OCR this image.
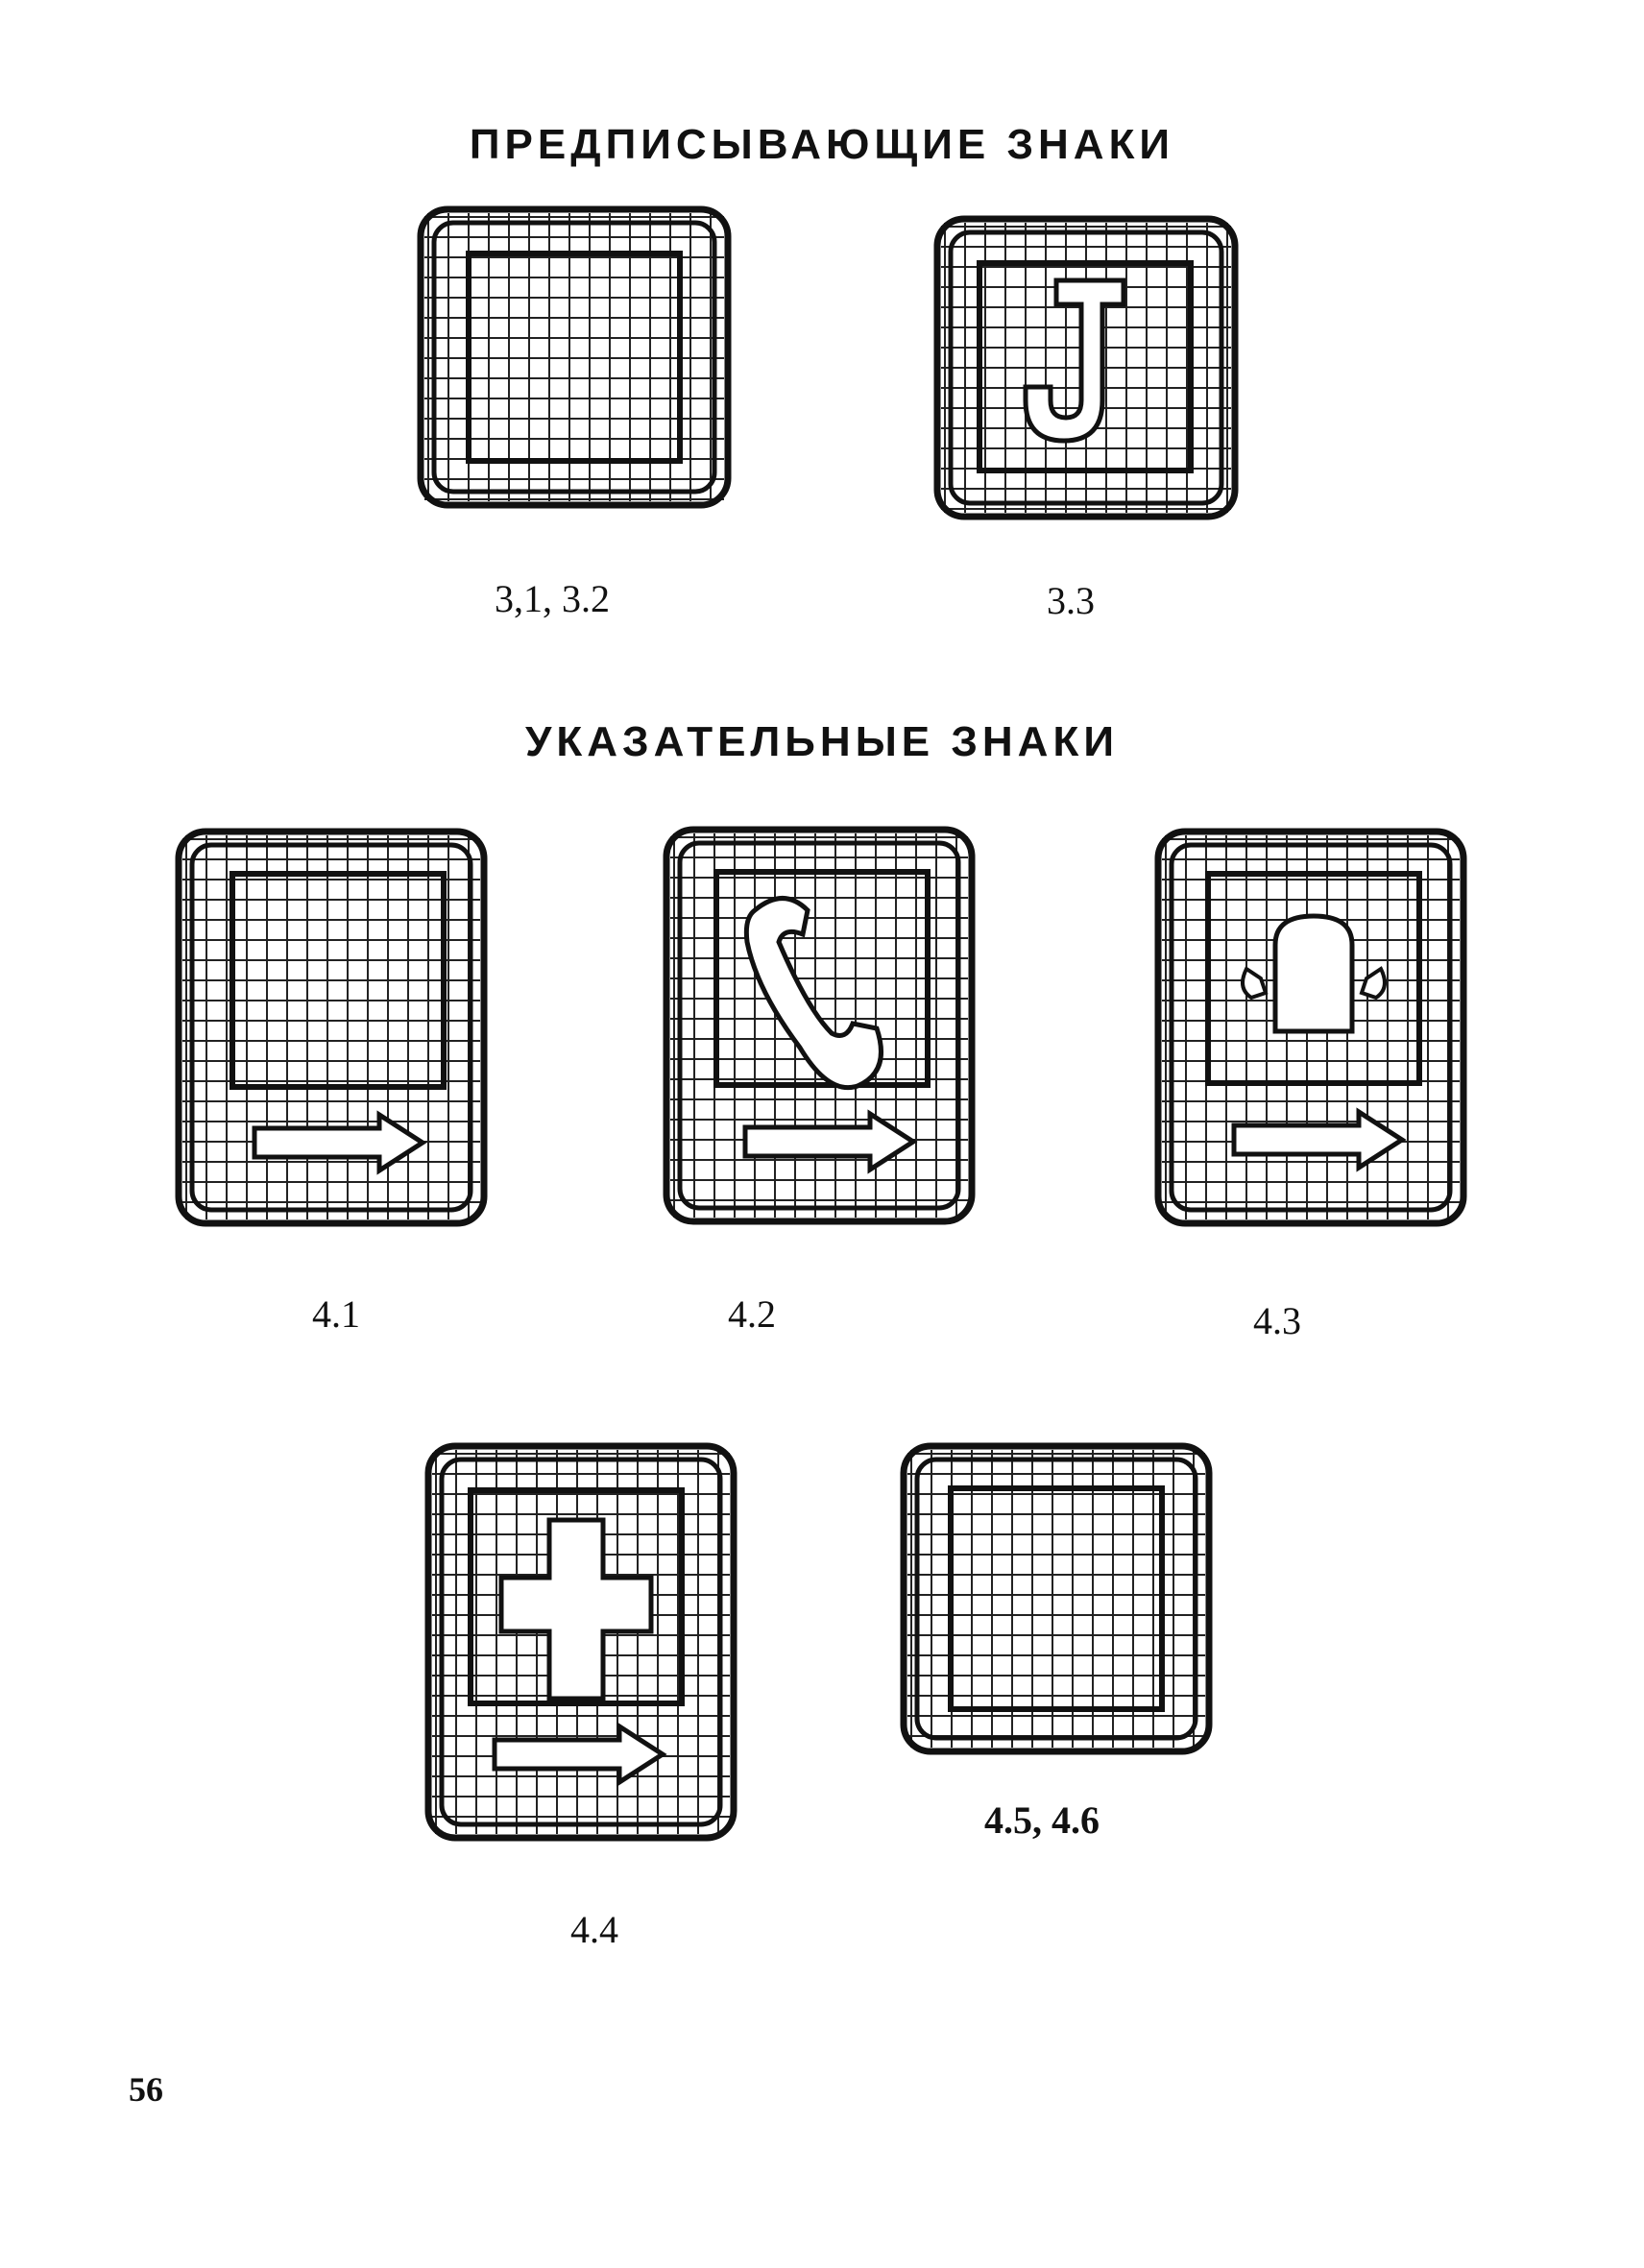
ПРЕДПИСЫВАЮЩИЕ ЗНАКИ
УКАЗАТЕЛЬНЫЕ ЗНАКИ
3,1, 3.2	3.3
4.1	4.2	4.3
4.4
4.5, 4.6
56
